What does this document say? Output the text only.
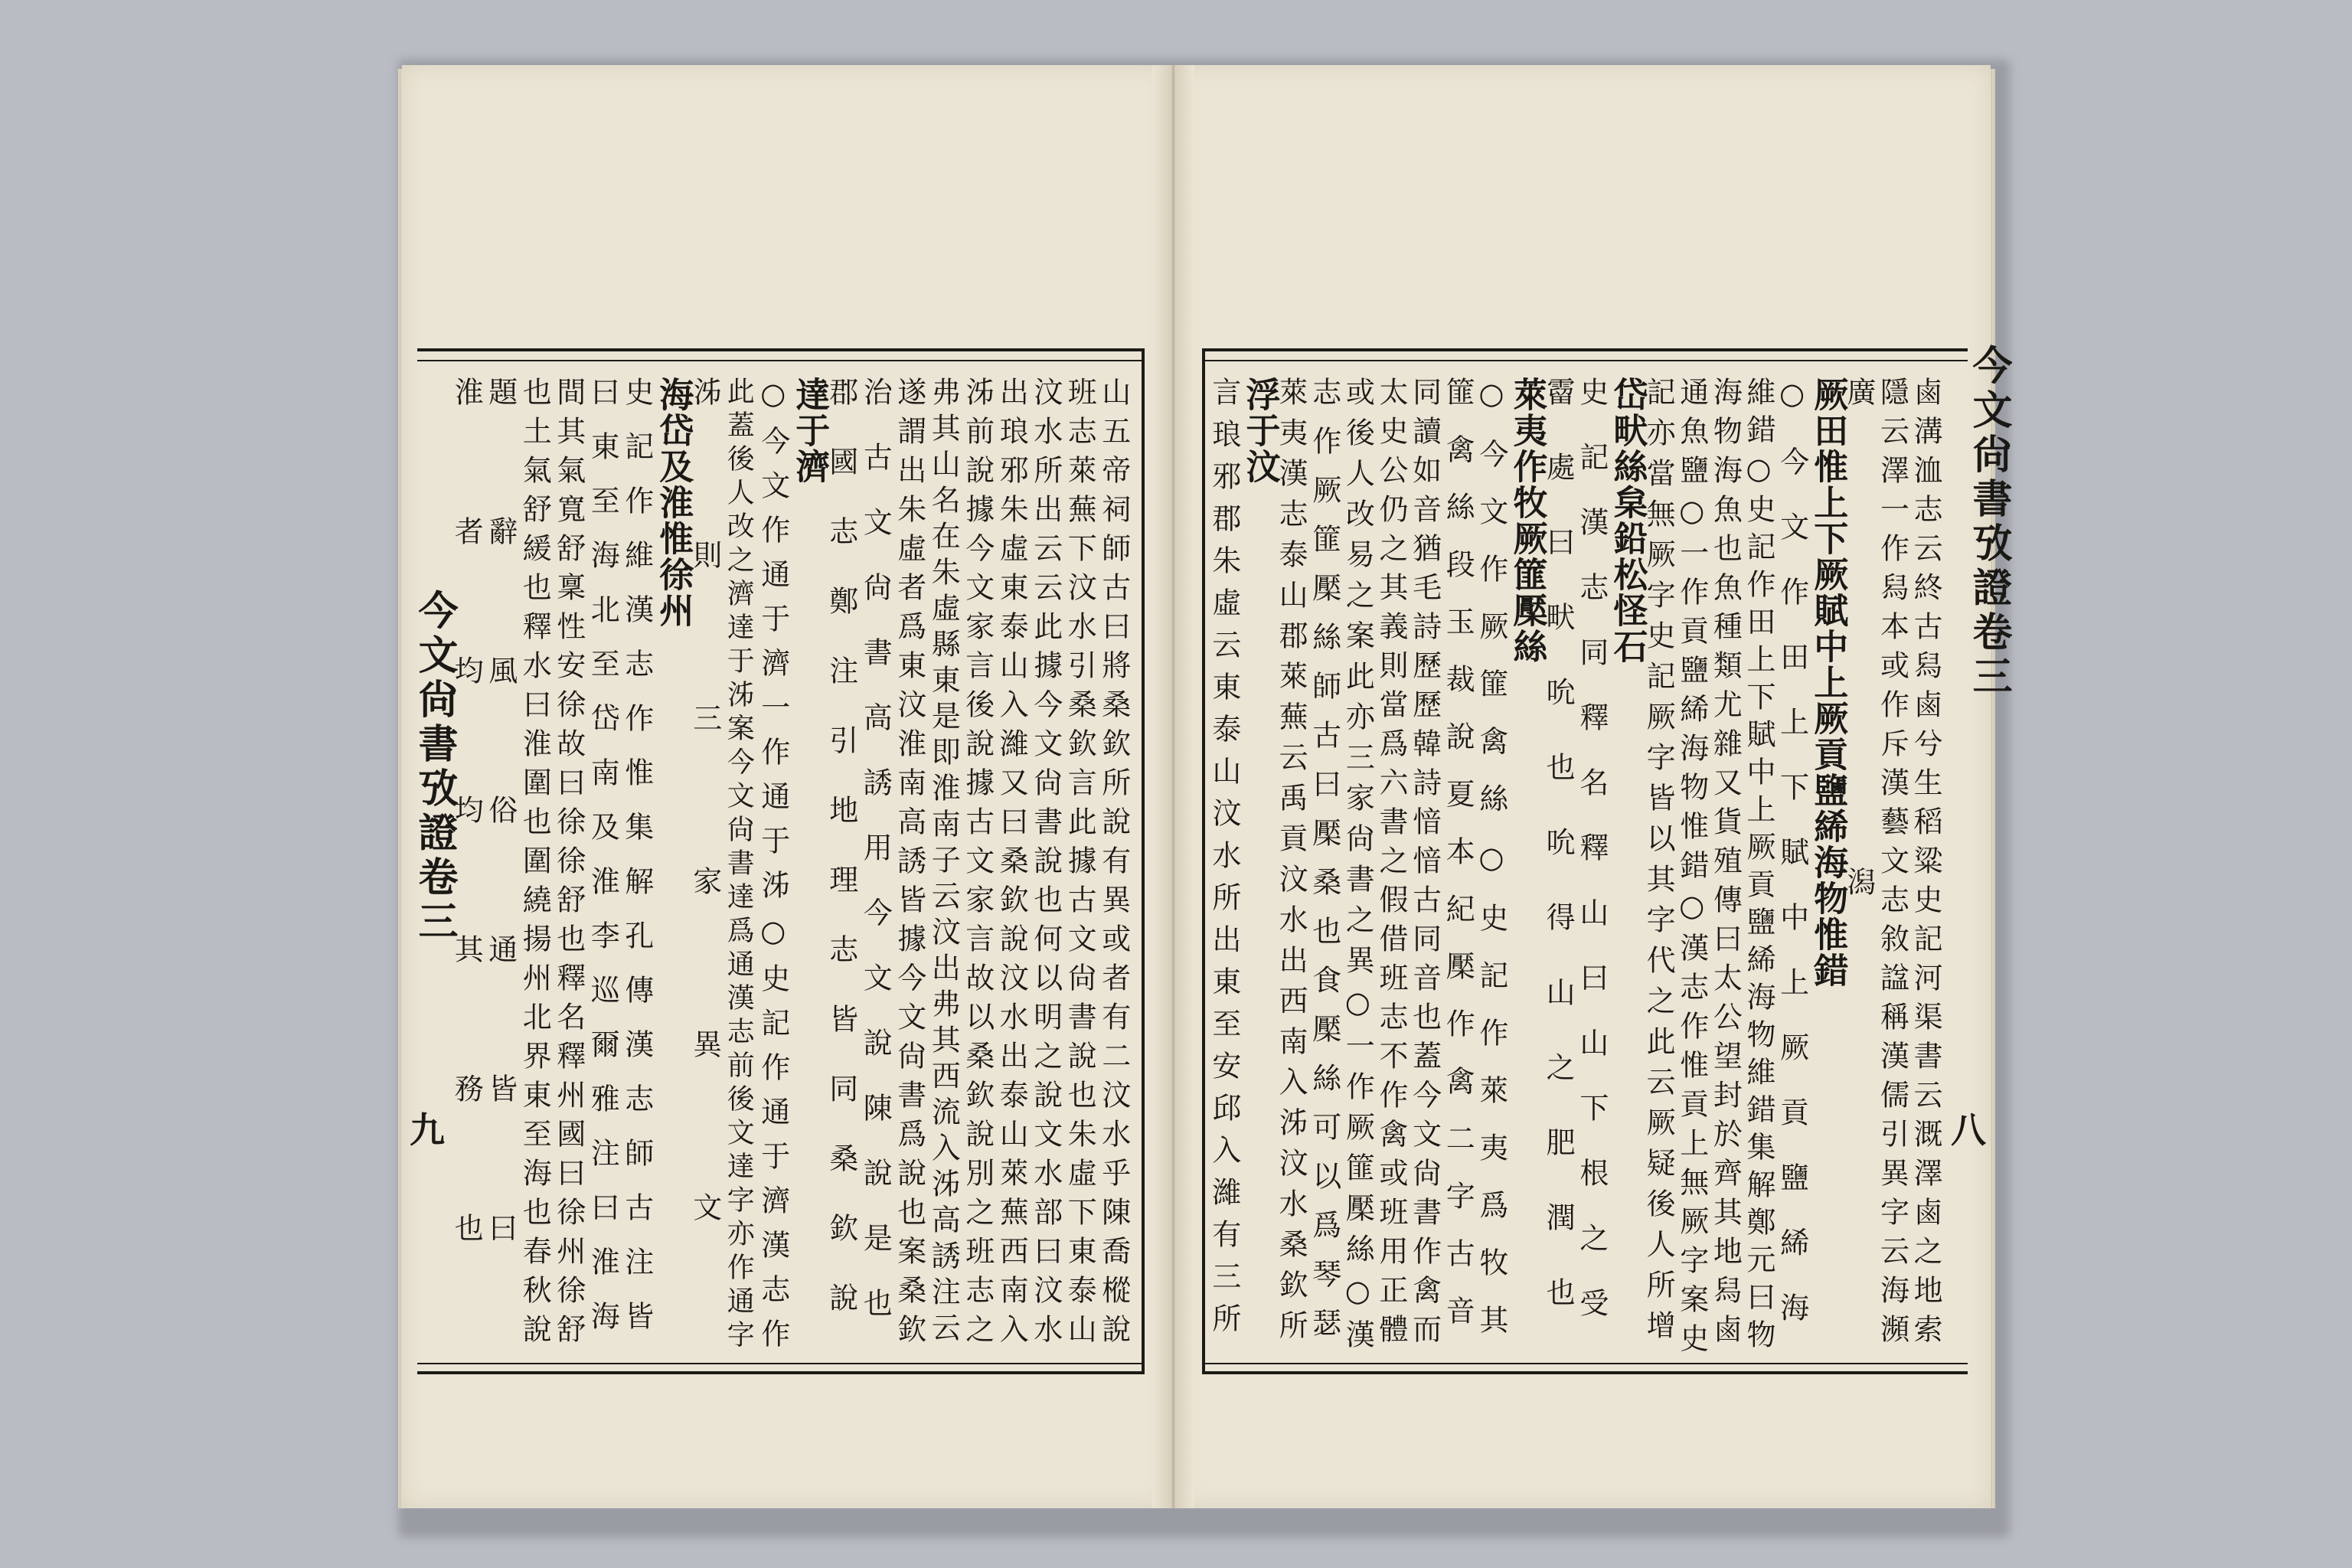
今文尙書攷證卷三
九
今文尙書攷證卷三
八
山五帝祠師古曰將桑欽所說有異或者有二汶水乎陳喬樅說
班志萊蕪下汶水引桑欽言此據古文尙書說也朱虛下東泰山
汶水所出云云此據今文尙書說也何以明之說文水部曰汶水
出琅邪朱虛東泰山入濰又曰桑欽說汶水出泰山萊蕪西南入
泲前說據今文家言後說據古文家言故以桑欽說別之班志之
弗其山名在朱虛縣東是即淮南子云汶出弗其西流入泲高誘注云
遂謂出朱虛者爲東汶淮南高誘皆據今文尙書爲說也案桑欽
治古文尙書高誘用今文說陳說是也
郡國志鄭注引地理志皆同桑欽說
達于濟
○今文作通于濟一作通于泲○史記作通于濟漢志作
此蓋後人改之濟達于泲案今文尙書達爲通漢志前後文達字亦作通字
泲則三家異文
海岱及淮惟徐州
史記作維漢志作惟集解孔傳漢志師古注皆
曰東至海北至岱南及淮李巡爾雅注曰淮海
間其氣寬舒稟性安徐故曰徐徐舒也釋名釋州國曰徐州徐舒
也土氣舒緩也釋水曰淮圍也圍繞揚州北界東至海也春秋說
題辭風俗通皆曰
淮者均均其務也	鹵溝洫志云終古舄鹵兮生稻粱史記河渠書云溉澤鹵之地索
隱云澤一作舄本或作斥漢藝文志敘諡稱漢儒引異字云海瀕
廣潟
厥田惟上下厥賦中上厥貢鹽絺海物惟錯
○今文作田上下賦中上厥貢鹽絺海
維錯○史記作田上下賦中上厥貢鹽絺海物維錯集解鄭元曰物
海物海魚也魚種類尤雜又貨殖傳曰太公望封於齊其地舄鹵
通魚鹽○一作貢鹽絺海物惟錯○漢志作惟貢上無厥字案史
記亦當無厥字史記厥字皆以其字代之此云厥疑後人所增
岱畎絲枲鉛松怪石
史記漢志同釋名釋山曰山下根之受
霤處曰畎吮也吮得山之肥潤也
萊夷作牧厥篚檿絲
○今文作厥篚禽絲○史記作萊夷爲牧其
篚禽絲段玉裁說夏本紀檿作禽二字古音
同讀如音猶毛詩歷歷韓詩愔愔古同音也蓋今文尙書作禽而
太史公仍之其義則當爲六書之假借班志不作禽或班用正體
或後人改易之案此亦三家尙書之異○一作厥篚檿絲○漢
志作厥篚檿絲師古曰檿桑也食檿絲可以爲琴瑟
萊夷漢志泰山郡萊蕪云禹貢汶水出西南入泲汶水桑欽所
浮于汶
言琅邪郡朱虛云東泰山汶水所出東至安邱入濰有三所
